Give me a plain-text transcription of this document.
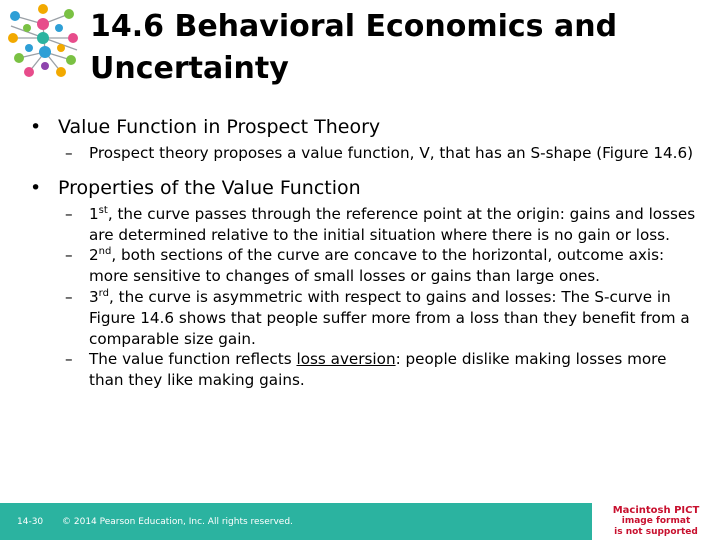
14.6 Behavioral Economics and
Uncertainty

• Value Function in Prospect Theory

– Prospect theory proposes a value function, V, that has an S-shape (Figure 14.6)

• Properties of the Value Function

– 1st, the curve passes through the reference point at the origin: gains and losses are determined relative to the initial situation where there is no gain or loss.

– 2nd, both sections of the curve are concave to the horizontal, outcome axis: more sensitive to changes of small losses or gains than large ones.

– 3rd, the curve is asymmetric with respect to gains and losses: The S-curve in Figure 14.6 shows that people suffer more from a loss than they benefit from a comparable size gain.

– The value function reflects loss aversion: people dislike making losses more than they like making gains.

14-30 © 2014 Pearson Education, Inc. All rights reserved.
Macintosh PICT
image format
is not supported
